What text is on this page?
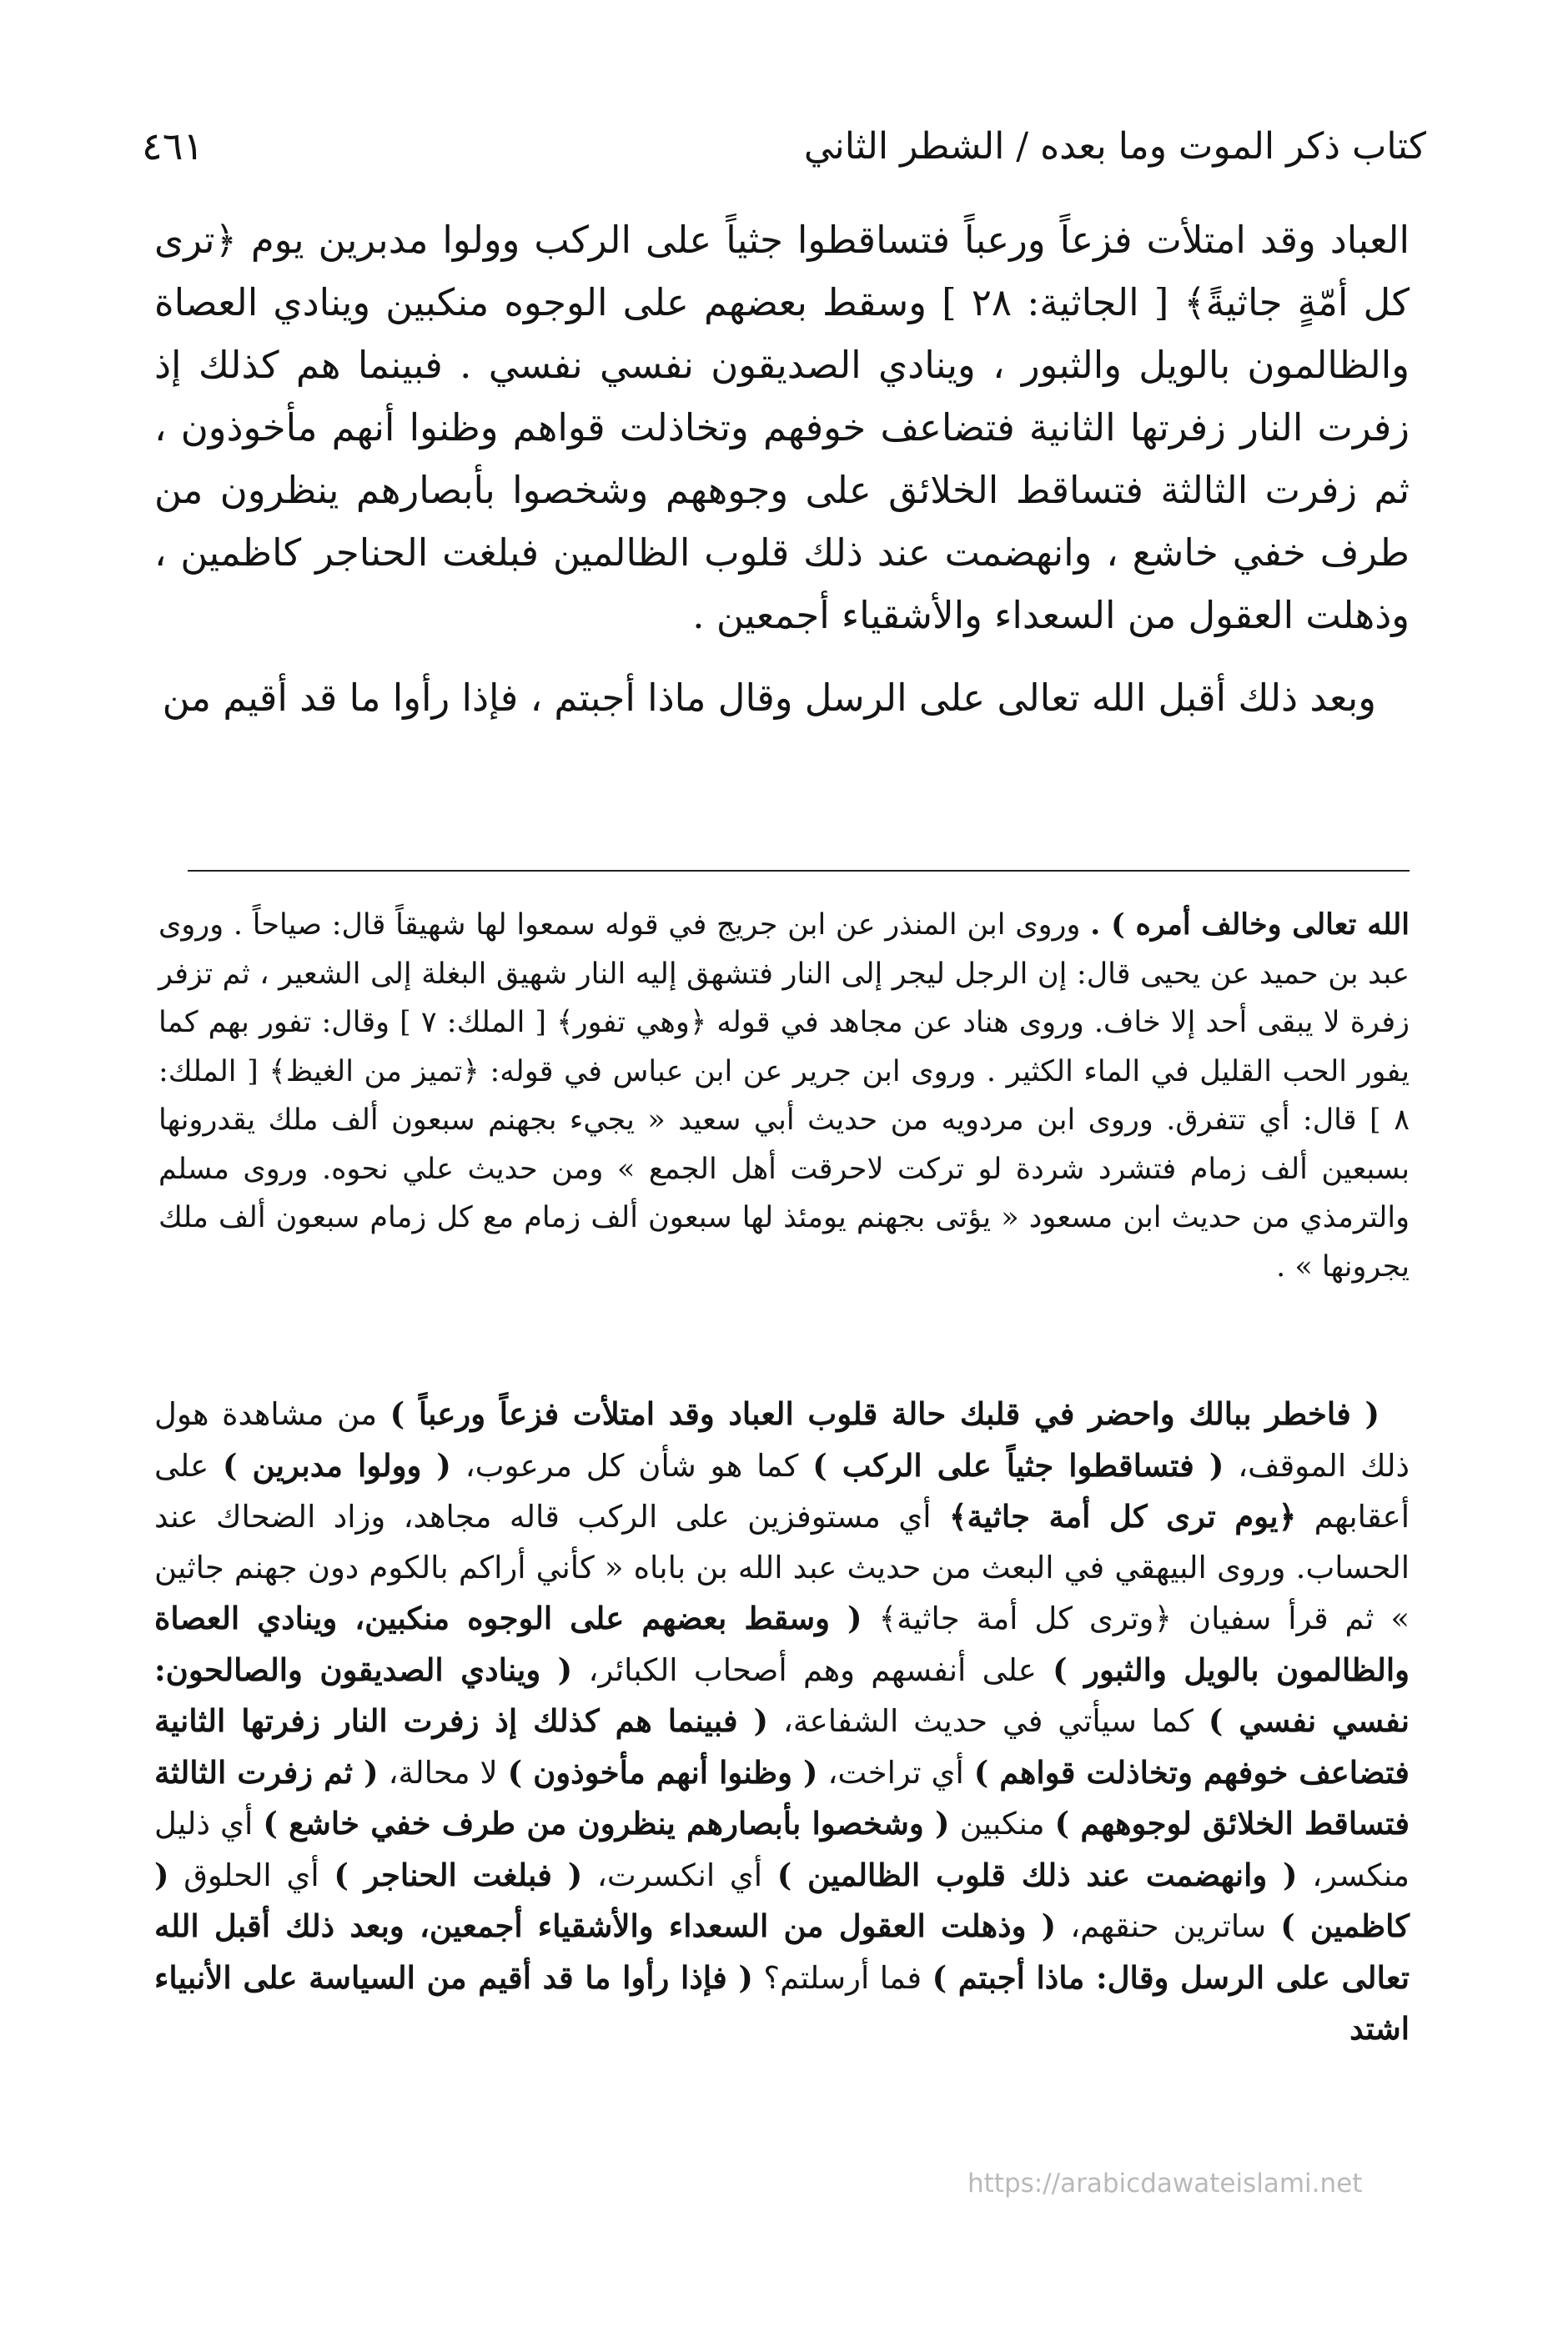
كتاب ذكر الموت وما بعده / الشطر الثاني
٤٦١

العباد وقد امتلأت فزعاً ورعباً فتساقطوا جثياً على الركب وولوا مدبرين يوم ﴿ترى كل أمّةٍ جاثيةً﴾ [ الجاثية: ٢٨ ] وسقط بعضهم على الوجوه منكبين وينادي العصاة والظالمون بالويل والثبور ، وينادي الصديقون نفسي نفسي . فبينما هم كذلك إذ زفرت النار زفرتها الثانية فتضاعف خوفهم وتخاذلت قواهم وظنوا أنهم مأخوذون ، ثم زفرت الثالثة فتساقط الخلائق على وجوههم وشخصوا بأبصارهم ينظرون من طرف خفي خاشع ، وانهضمت عند ذلك قلوب الظالمين فبلغت الحناجر كاظمين ، وذهلت العقول من السعداء والأشقياء أجمعين .

وبعد ذلك أقبل الله تعالى على الرسل وقال ماذا أجبتم ، فإذا رأوا ما قد أقيم من

الله تعالى وخالف أمره ) . وروى ابن المنذر عن ابن جريج في قوله سمعوا لها شهيقاً قال: صياحاً . وروى عبد بن حميد عن يحيى قال: إن الرجل ليجر إلى النار فتشهق إليه النار شهيق البغلة إلى الشعير ، ثم تزفر زفرة لا يبقى أحد إلا خاف. وروى هناد عن مجاهد في قوله ﴿وهي تفور﴾ [ الملك: ٧ ] وقال: تفور بهم كما يفور الحب القليل في الماء الكثير . وروى ابن جرير عن ابن عباس في قوله: ﴿تميز من الغيظ﴾ [ الملك: ٨ ] قال: أي تتفرق. وروى ابن مردويه من حديث أبي سعيد « يجيء بجهنم سبعون ألف ملك يقدرونها بسبعين ألف زمام فتشرد شردة لو تركت لاحرقت أهل الجمع » ومن حديث علي نحوه. وروى مسلم والترمذي من حديث ابن مسعود « يؤتى بجهنم يومئذ لها سبعون ألف زمام مع كل زمام سبعون ألف ملك يجرونها » .

( فاخطر ببالك واحضر في قلبك حالة قلوب العباد وقد امتلأت فزعاً ورعباً ) من مشاهدة هول ذلك الموقف، ( فتساقطوا جثياً على الركب ) كما هو شأن كل مرعوب، ( وولوا مدبرين ) على أعقابهم ﴿يوم ترى كل أمة جاثية﴾ أي مستوفزين على الركب قاله مجاهد، وزاد الضحاك عند الحساب. وروى البيهقي في البعث من حديث عبد الله بن باباه « كأني أراكم بالكوم دون جهنم جاثين » ثم قرأ سفيان ﴿وترى كل أمة جاثية﴾ ( وسقط بعضهم على الوجوه منكبين، وينادي العصاة والظالمون بالويل والثبور ) على أنفسهم وهم أصحاب الكبائر، ( وينادي الصديقون والصالحون: نفسي نفسي ) كما سيأتي في حديث الشفاعة، ( فبينما هم كذلك إذ زفرت النار زفرتها الثانية فتضاعف خوفهم وتخاذلت قواهم ) أي تراخت، ( وظنوا أنهم مأخوذون ) لا محالة، ( ثم زفرت الثالثة فتساقط الخلائق لوجوههم ) منكبين ( وشخصوا بأبصارهم ينظرون من طرف خفي خاشع ) أي ذليل منكسر، ( وانهضمت عند ذلك قلوب الظالمين ) أي انكسرت، ( فبلغت الحناجر ) أي الحلوق ( كاظمين ) ساترين حنقهم، ( وذهلت العقول من السعداء والأشقياء أجمعين، وبعد ذلك أقبل الله تعالى على الرسل وقال: ماذا أجبتم ) فما أرسلتم؟ ( فإذا رأوا ما قد أقيم من السياسة على الأنبياء اشتد

https://arabicdawateislami.net
